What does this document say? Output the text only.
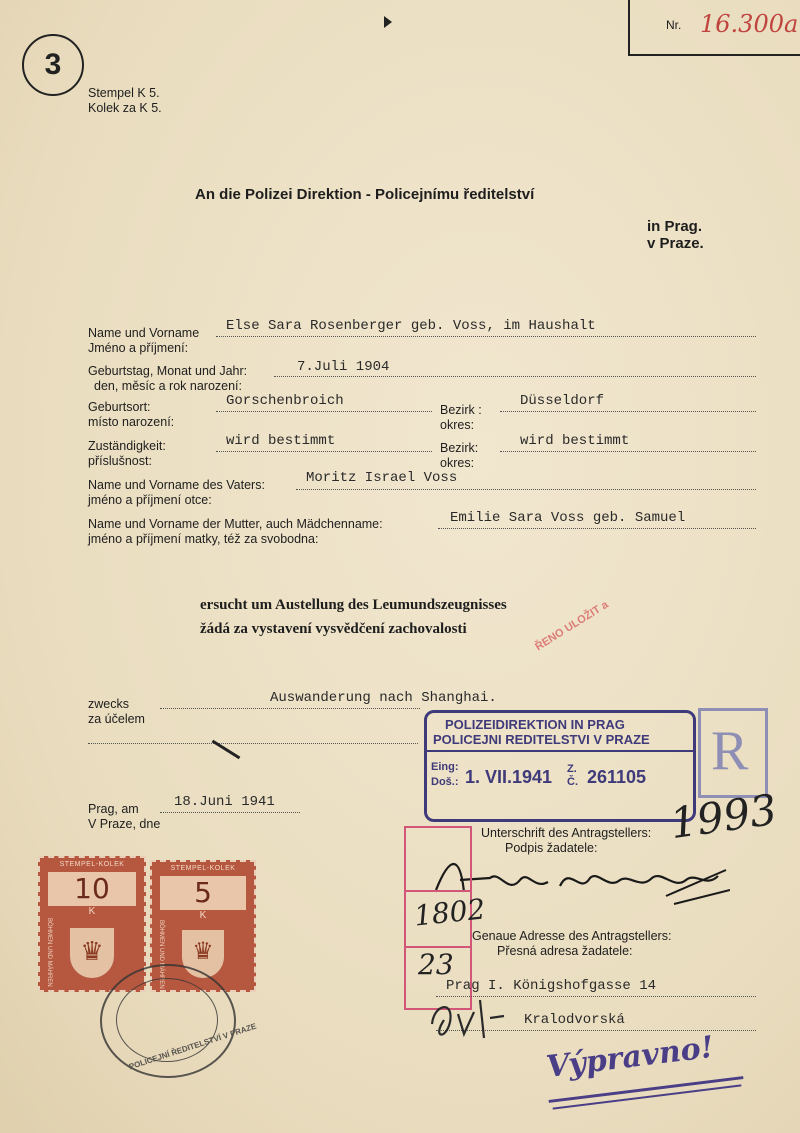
3
Nr. 16.300a
Stempel K 5.
Kolek za K 5.
An die Polizei Direktion - Policejnímu ředitelství
in Prag.
v Praze.
Name und Vorname
Jméno a příjmení:
Else Sara Rosenberger geb. Voss, im Haushalt
Geburtstag, Monat und Jahr:
den, měsíc a rok narození:
7.Juli 1904
Geburtsort:
místo narození:
Gorschenbroich
Bezirk :
okres:
Düsseldorf
Zuständigkeit:
příslušnost:
wird bestimmt	Bezirk:
okres:
wird bestimmt
Name und Vorname des Vaters:
jméno a příjmení otce:
Moritz Israel Voss
Name und Vorname der Mutter, auch Mädchenname:
jméno a příjmení matky, též za svobodna:
Emilie Sara Voss geb. Samuel
ersucht um Austellung des Leumundszeugnisses
žádá za vystavení vysvědčení zachovalosti	ŘENO ULOŽIT a
zwecks
za účelem
Auswanderung nach Shanghai.
Prag, am
V Praze, dne
18.Juni 1941
POLIZEIDIREKTION IN PRAG
POLICEJNI REDITELSTVI V PRAZE
Eing:
Doš.: 1. VII.1941 Z. Č. 261105 R
1993
Unterschrift des Antragstellers:
Podpis žadatele:
1802
23
Genaue Adresse des Antragstellers:
Přesná adresa žadatele:
Prag I. Königshofgasse 14
Kralodvorská
Výpravno!
STEMPEL-KOLEK
10
K
♛
BÖHMEN UND MÄHREN
STEMPEL-KOLEK
5
K
♛
BÖHMEN UND MÄHREN
POLICEJNÍ ŘEDITELSTVÍ V PRAZE
